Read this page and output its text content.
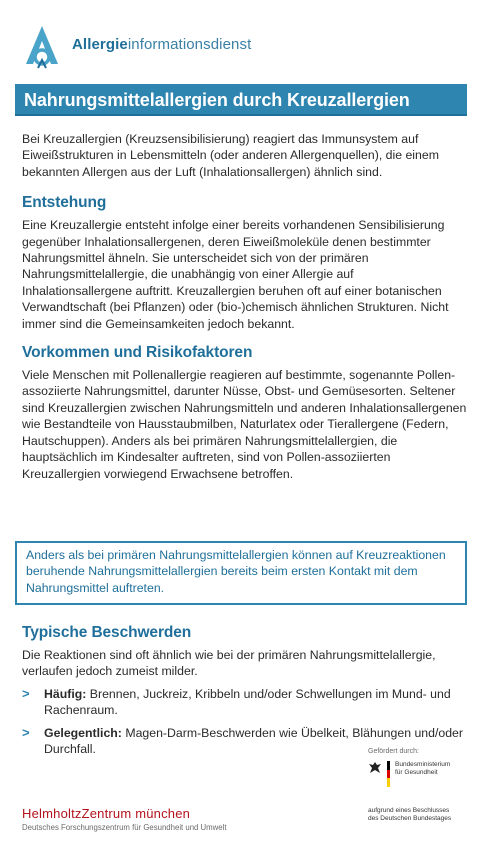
Allergieinformationsdienst
Nahrungsmittelallergien durch Kreuzallergien

Bei Kreuzallergien (Kreuzsensibilisierung) reagiert das Immunsystem auf Eiweißstrukturen in Lebensmitteln (oder anderen Allergenquellen), die einem bekannten Allergen aus der Luft (Inhalationsallergen) ähnlich sind.

Entstehung

Eine Kreuzallergie entsteht infolge einer bereits vorhandenen Sensibilisierung gegenüber Inhalationsallergenen, deren Eiweißmoleküle denen bestimmter Nahrungsmittel ähneln. Sie unterscheidet sich von der primären Nahrungsmittelallergie, die unabhängig von einer Allergie auf Inhalationsallergene auftritt. Kreuzallergien beruhen oft auf einer botanischen Verwandtschaft (bei Pflanzen) oder (bio-)chemisch ähnlichen Strukturen. Nicht immer sind die Gemeinsamkeiten jedoch bekannt.

Vorkommen und Risikofaktoren

Viele Menschen mit Pollenallergie reagieren auf bestimmte, sogenannte Pollen-assoziierte Nahrungsmittel, darunter Nüsse, Obst- und Gemüsesorten. Seltener sind Kreuzallergien zwischen Nahrungsmitteln und anderen Inhalationsallergenen wie Bestandteile von Hausstaubmilben, Naturlatex oder Tierallergene (Federn, Hautschuppen). Anders als bei primären Nahrungsmittelallergien, die hauptsächlich im Kindesalter auftreten, sind von Pollen-assoziierten Kreuzallergien vorwiegend Erwachsene betroffen.

Anders als bei primären Nahrungsmittelallergien können auf Kreuzreaktionen beruhende Nahrungsmittelallergien bereits beim ersten Kontakt mit dem Nahrungsmittel auftreten.

Typische Beschwerden

Die Reaktionen sind oft ähnlich wie bei der primären Nahrungsmittelallergie, verlaufen jedoch zumeist milder.

> Häufig: Brennen, Juckreiz, Kribbeln und/oder Schwellungen im Mund- und Rachenraum.
> Gelegentlich: Magen-Darm-Beschwerden wie Übelkeit, Blähungen und/oder Durchfall.	Gefördert durch:
Bundesministerium
für Gesundheit
aufgrund eines Beschlusses
des Deutschen Bundestages
HelmholtzZentrum münchen
Deutsches Forschungszentrum für Gesundheit und Umwelt
